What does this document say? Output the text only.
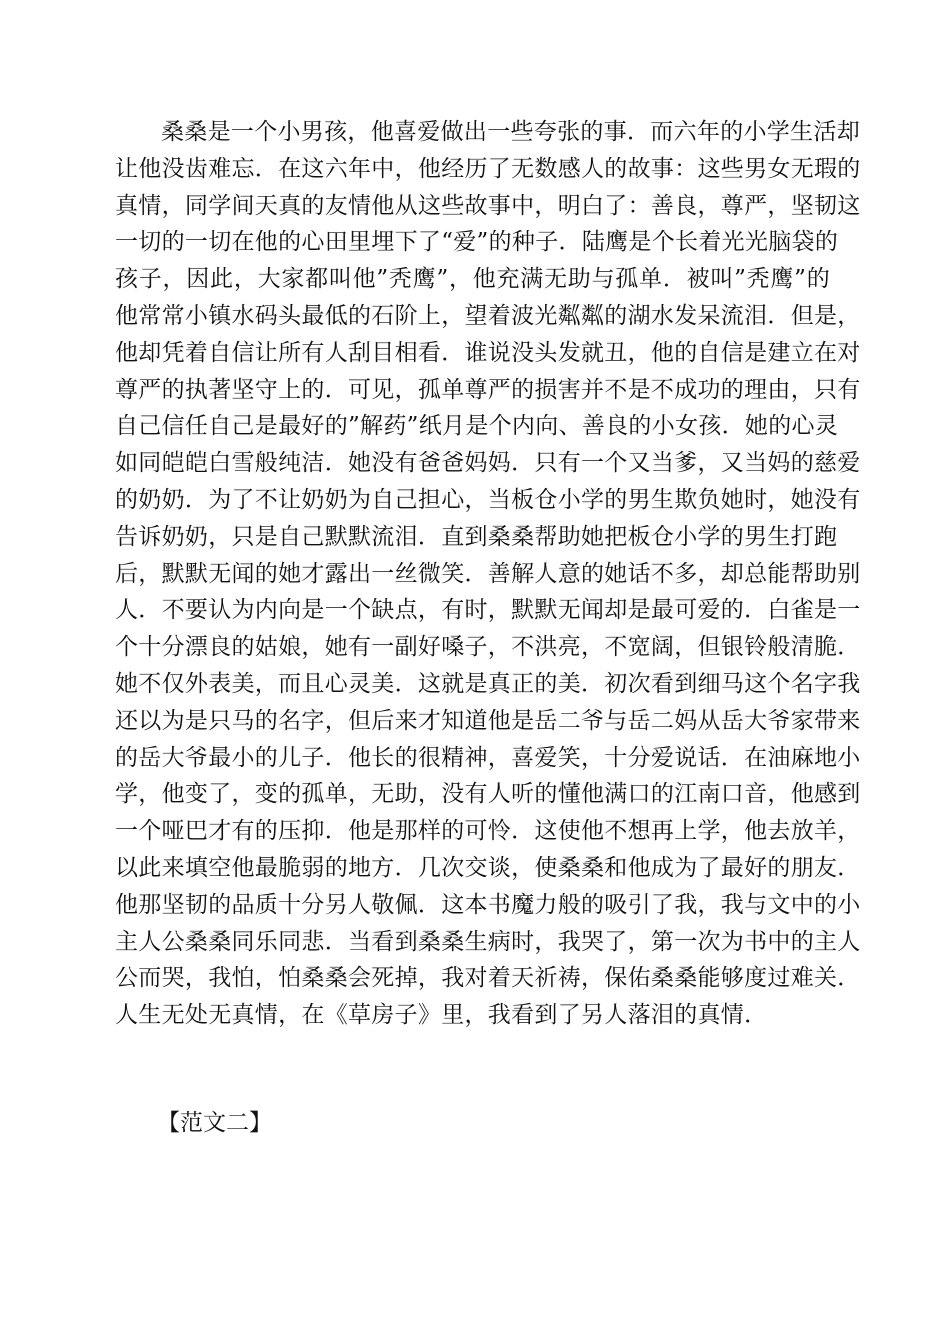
桑桑是一个小男孩，他喜爱做出一些夸张的事．而六年的小学生活却
让他没齿难忘．在这六年中，他经历了无数感人的故事：这些男女无瑕的
真情，同学间天真的友情他从这些故事中，明白了：善良，尊严，坚韧这
一切的一切在他的心田里埋下了“爱”的种子．陆鹰是个长着光光脑袋的
孩子，因此，大家都叫他”秃鹰”，他充满无助与孤单．被叫”秃鹰”的
他常常小镇水码头最低的石阶上，望着波光粼粼的湖水发呆流泪．但是，
他却凭着自信让所有人刮目相看．谁说没头发就丑，他的自信是建立在对
尊严的执著坚守上的．可见，孤单尊严的损害并不是不成功的理由，只有
自己信任自己是最好的”解药”纸月是个内向、善良的小女孩．她的心灵
如同皑皑白雪般纯洁．她没有爸爸妈妈．只有一个又当爹，又当妈的慈爱
的奶奶．为了不让奶奶为自己担心，当板仓小学的男生欺负她时，她没有
告诉奶奶，只是自己默默流泪．直到桑桑帮助她把板仓小学的男生打跑
后，默默无闻的她才露出一丝微笑．善解人意的她话不多，却总能帮助别
人．不要认为内向是一个缺点，有时，默默无闻却是最可爱的．白雀是一
个十分漂良的姑娘，她有一副好嗓子，不洪亮，不宽阔，但银铃般清脆．
她不仅外表美，而且心灵美．这就是真正的美．初次看到细马这个名字我
还以为是只马的名字，但后来才知道他是岳二爷与岳二妈从岳大爷家带来
的岳大爷最小的儿子．他长的很精神，喜爱笑，十分爱说话．在油麻地小
学，他变了，变的孤单，无助，没有人听的懂他满口的江南口音，他感到
一个哑巴才有的压抑．他是那样的可怜．这使他不想再上学，他去放羊，
以此来填空他最脆弱的地方．几次交谈，使桑桑和他成为了最好的朋友．
他那坚韧的品质十分另人敬佩．这本书魔力般的吸引了我，我与文中的小
主人公桑桑同乐同悲．当看到桑桑生病时，我哭了，第一次为书中的主人
公而哭，我怕，怕桑桑会死掉，我对着天祈祷，保佑桑桑能够度过难关．
人生无处无真情，在《草房子》里，我看到了另人落泪的真情．
【范文二】
